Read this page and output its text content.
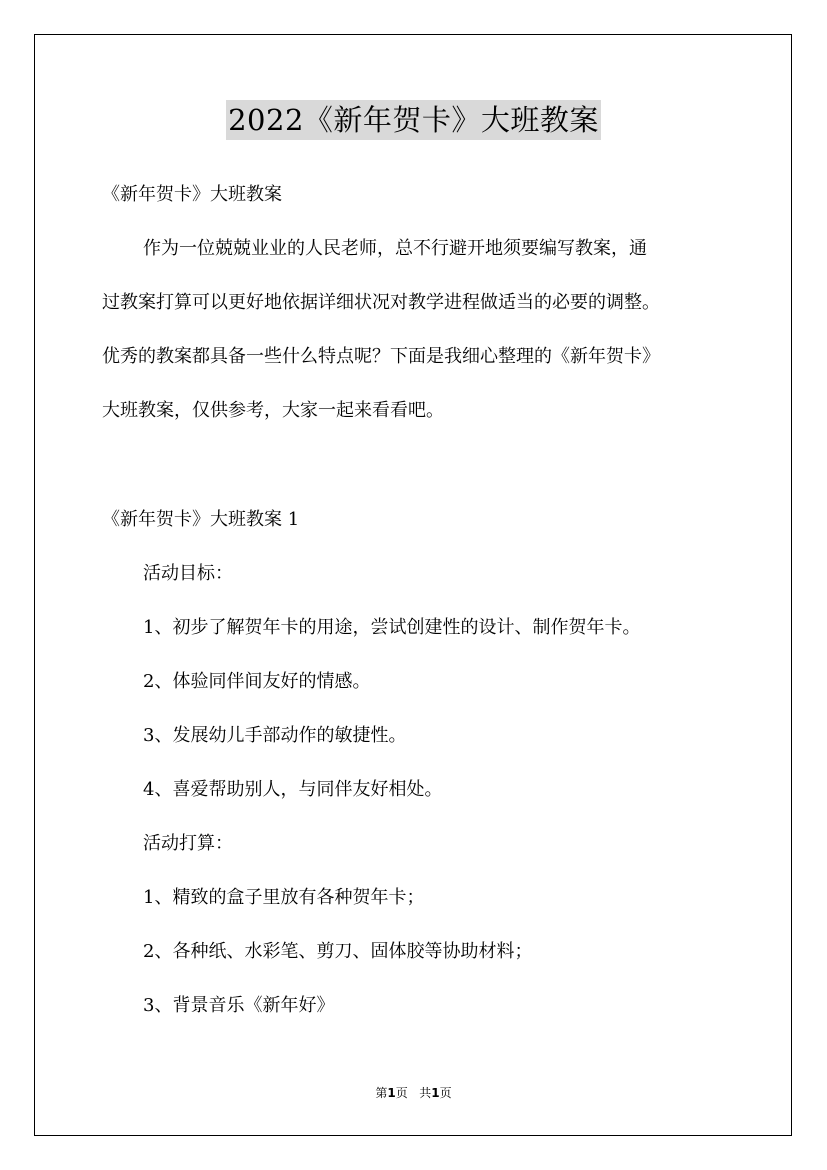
2022《新年贺卡》大班教案
《新年贺卡》大班教案
作为一位兢兢业业的人民老师，总不行避开地须要编写教案，通
过教案打算可以更好地依据详细状况对教学进程做适当的必要的调整。
优秀的教案都具备一些什么特点呢？下面是我细心整理的《新年贺卡》
大班教案，仅供参考，大家一起来看看吧。
《新年贺卡》大班教案 1
活动目标：
1、初步了解贺年卡的用途，尝试创建性的设计、制作贺年卡。
2、体验同伴间友好的情感。
3、发展幼儿手部动作的敏捷性。
4、喜爱帮助别人，与同伴友好相处。
活动打算：
1、精致的盒子里放有各种贺年卡；
2、各种纸、水彩笔、剪刀、固体胶等协助材料；
3、背景音乐《新年好》
第1页 共1页
